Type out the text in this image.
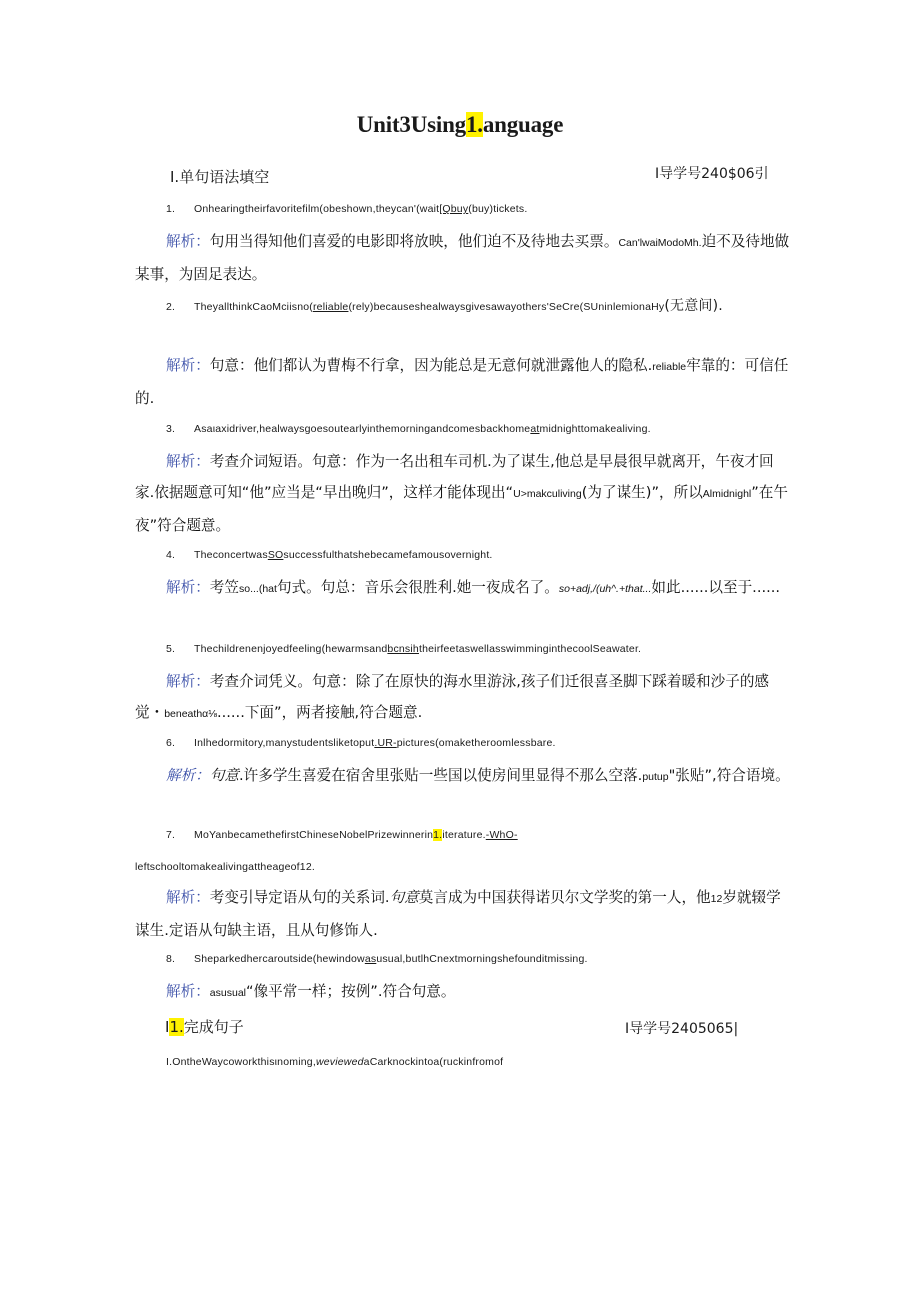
Unit3Using1.anguage
I.单句语法填空	I导学号240$06引
1. Onhearingtheirfavoritefilm(obeshown,theycan'(wait[Qbuy(buy)tickets.
解析：句用当得知他们喜爱的电影即将放映，他们迫不及待地去买票。Can'lwaiModoMh.迫不及待地做某事，为固足表达。
2. TheyallthinkCaoMciisno(reliable(rely)becauseshealwaysgivesawayothers'SeCre(SUninlemionaHy(无意间).
解析：句意：他们都认为曹梅不行拿，因为能总是无意何就泄露他人的隐私.reliable牢靠的：可信任的.
3. Asaιaxidriver,healwaysgoesoutearlyinthemorningandcomesbackhomeatmidnighttomakealiving.
解析：考查介词短语。句意：作为一名出租车司机.为了谋生,他总是早晨很早就离开，午夜才回家.依据题意可知“他”应当是“早出晚归”，这样才能体现出“U>makculiving(为了谋生)”，所以Almidnighl”在午夜”符合题意。
4. TheconcertwasSOsuccessfulthatshebecamefamousovernight.
解析：考笠so...(hat句式。句总：音乐会很胜利.她一夜成名了。so+adj,/(uh^.+that...如此......以至于......
5. Thechildrenenjoyedfeeling(hewarmsandbcnsihtheirfeetaswellasswimminginthecoolSeawater.
解析：考查介词凭义。句意：除了在原快的海水里游泳,孩子们迁很喜圣脚下踩着暖和沙子的感觉・beneathα⅛......下面”，两者接触,符合题意.
6. Inlhedormitory,manystudentsliketoput.UR-pictures(omaketheroomlessbare.
解析：句意.许多学生喜爱在宿舍里张贴一些国以使房间里显得不那么空落.putup"张贴”,符合语境。
7. MoYanbecamethefirstChineseNobelPrizewinnerin1.iterature.-WhO-
leftschooltomakealivingattheageof12.
解析：考变引导定语从句的关系词.句意莫言成为中国获得诺贝尔文学奖的第一人，他12岁就辍学谋生.定语从句缺主语，且从句修饰人.
8. Sheparkedhercaroutside(hewindowasusual,butlhCnextmorningshefounditmissing.
解析：asusual“像平常一样；按例”.符合句意。
I1.完成句子	I导学号2405065|
I.OntheWaycoworkthisιnoming,weviewedaCarknockintoa(ruckinfromof
